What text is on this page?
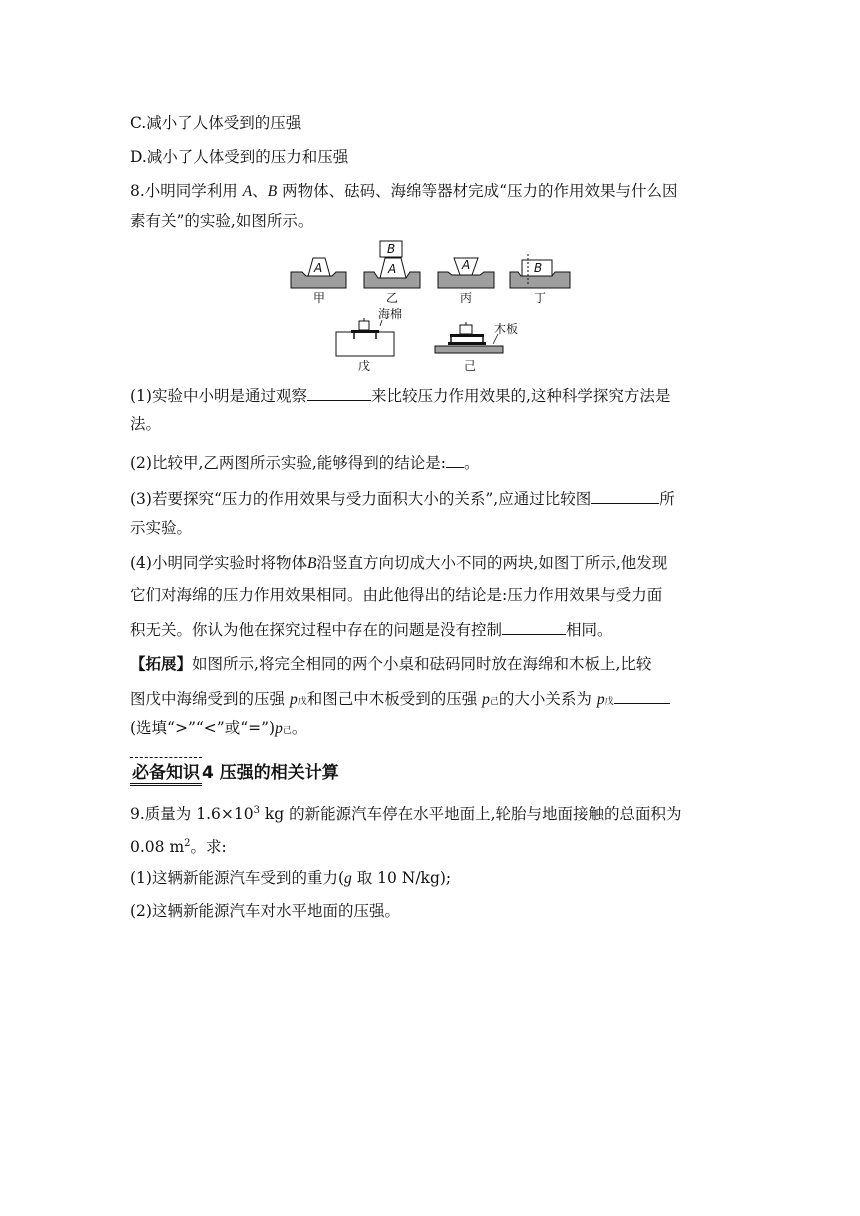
C.减小了人体受到的压强
D.减小了人体受到的压力和压强
8.小明同学利用 A、B 两物体、砝码、海绵等器材完成“压力的作用效果与什么因
素有关”的实验,如图所示。
A
甲
B
A
乙
A
丙
B
丁
海棉
戊
木板
己
(1)实验中小明是通过观察	来比较压力作用效果的,这种科学探究方法是
法。
(2)比较甲,乙两图所示实验,能够得到的结论是: 。
(3)若要探究“压力的作用效果与受力面积大小的关系”,应通过比较图	所
示实验。
(4)小明同学实验时将物体B沿竖直方向切成大小不同的两块,如图丁所示,他发现
它们对海绵的压力作用效果相同。由此他得出的结论是:压力作用效果与受力面
积无关。你认为他在探究过程中存在的问题是没有控制	相同。
【拓展】如图所示,将完全相同的两个小桌和砝码同时放在海绵和木板上,比较
图戊中海绵受到的压强 p戊和图己中木板受到的压强 p己的大小关系为 p戊
(选填“>”“<”或“=”)p己。
必备知识 4 压强的相关计算
9.质量为 $1.6\times 10^3$ kg 的新能源汽车停在水平地面上,轮胎与地面接触的总面积为
0.08 $m^2$。求:
(1)这辆新能源汽车受到的重力(g 取 10 N/kg);
(2)这辆新能源汽车对水平地面的压强。
